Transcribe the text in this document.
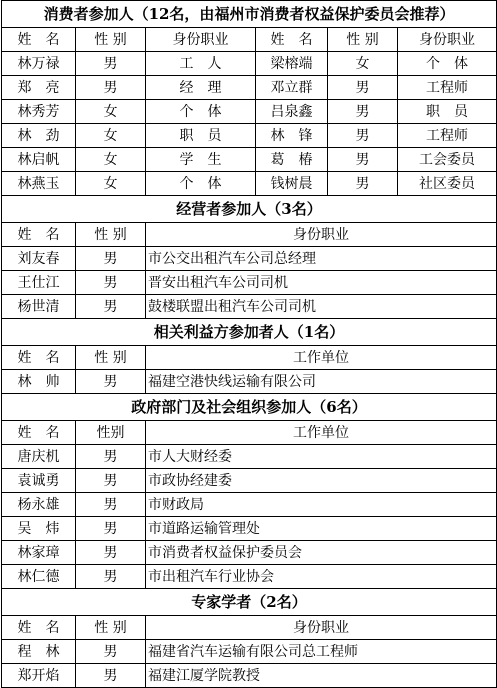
消费者参加人（12名，由福州市消费者权益保护委员会推荐）					
姓　名	性 别	身份职业	姓　名	性 别	身份职业
林万禄	男	工　人	梁榕端	女	个　体
郑　亮	男	经　理	邓立群	男	工程师
林秀芳	女	个　体	吕泉鑫	男	职　员
林　劲	女	职　员	林　锋	男	工程师
林启帆	女	学　生	葛　椿	男	工会委员
林燕玉	女	个　体	钱树晨	男	社区委员
经营者参加人（3名）		
姓　名	性 别	身份职业
刘友春	男	市公交出租汽车公司总经理
王仕江	男	晋安出租汽车公司司机
杨世清	男	鼓楼联盟出租汽车公司司机
相关利益方参加者人（1名）		
姓　名	性 别	工作单位
林　帅	男	福建空港快线运输有限公司
政府部门及社会组织参加人（6名）		
姓　名	性别	工作单位
唐庆机	男	市人大财经委
袁诚勇	男	市政协经建委
杨永雄	男	市财政局
吴　炜	男	市道路运输管理处
林家璋	男	市消费者权益保护委员会
林仁德	男	市出租汽车行业协会
专家学者（2名）		
姓　名	性 别	身份职业
程　林	男	福建省汽车运输有限公司总工程师
郑开焰	男	福建江厦学院教授
